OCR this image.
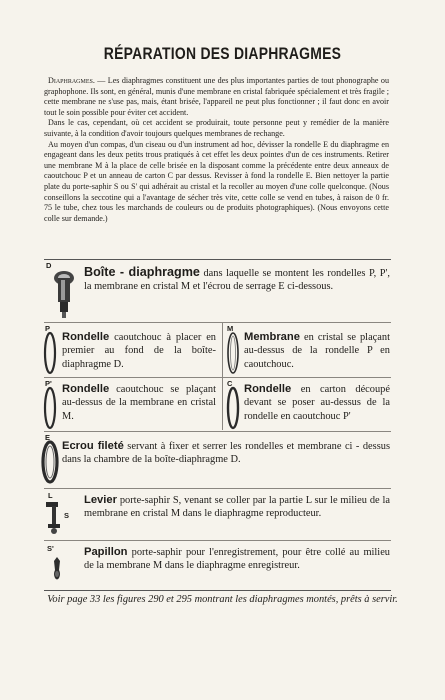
RÉPARATION DES DIAPHRAGMES

Diaphragmes. — Les diaphragmes constituent une des plus importantes parties de tout phonographe ou graphophone. Ils sont, en général, munis d'une membrane en cristal fabriquée spécialement et très fragile ; cette membrane ne s'use pas, mais, étant brisée, l'appareil ne peut plus fonctionner ; il faut donc en avoir tout le soin possible pour éviter cet accident.

Dans le cas, cependant, où cet accident se produirait, toute personne peut y remédier de la manière suivante, à la condition d'avoir toujours quelques membranes de rechange.

Au moyen d'un compas, d'un ciseau ou d'un instrument ad hoc, dévisser la rondelle E du diaphragme en engageant dans les deux petits trous pratiqués à cet effet les deux pointes d'un de ces instruments. Retirer une membrane M à la place de celle brisée en la disposant comme la précédente entre deux anneaux de caoutchouc P et un anneau de carton C par dessus. Revisser à fond la rondelle E. Bien nettoyer la partie plate du porte-saphir S ou S' qui adhérait au cristal et la recoller au moyen d'une colle quelconque. (Nous conseillons la seccotine qui a l'avantage de sécher très vite, cette colle se vend en tubes, à raison de 0 fr. 75 le tube, chez tous les marchands de couleurs ou de produits photographiques). (Nous envoyons cette colle sur demande.)

D	Boîte - diaphragme dans laquelle se montent les rondelles P, P', la membrane en cristal M et l'écrou de serrage E ci-dessous.
P
Rondelle caoutchouc à placer en premier au fond de la boîte-diaphragme D.
M
Membrane en cristal se plaçant au-dessus de la rondelle P en caoutchouc.
P' Rondelle caoutchouc se plaçant au-dessus de la membrane en cristal M.
C Rondelle en carton découpé devant se poser au-dessus de la rondelle en caoutchouc P'
E
Ecrou fileté servant à fixer et serrer les rondelles et membrane ci - dessus dans la chambre de la boîte-diaphragme D.
L
S
Levier porte-saphir S, venant se coller par la partie L sur le milieu de la membrane en cristal M dans le diaphragme reproducteur.
S'	Papillon porte-saphir pour l'enregistrement, pour être collé au milieu de la membrane M dans le diaphragme enregistreur.
Voir page 33 les figures 290 et 295 montrant les diaphragmes montés, prêts à servir.
